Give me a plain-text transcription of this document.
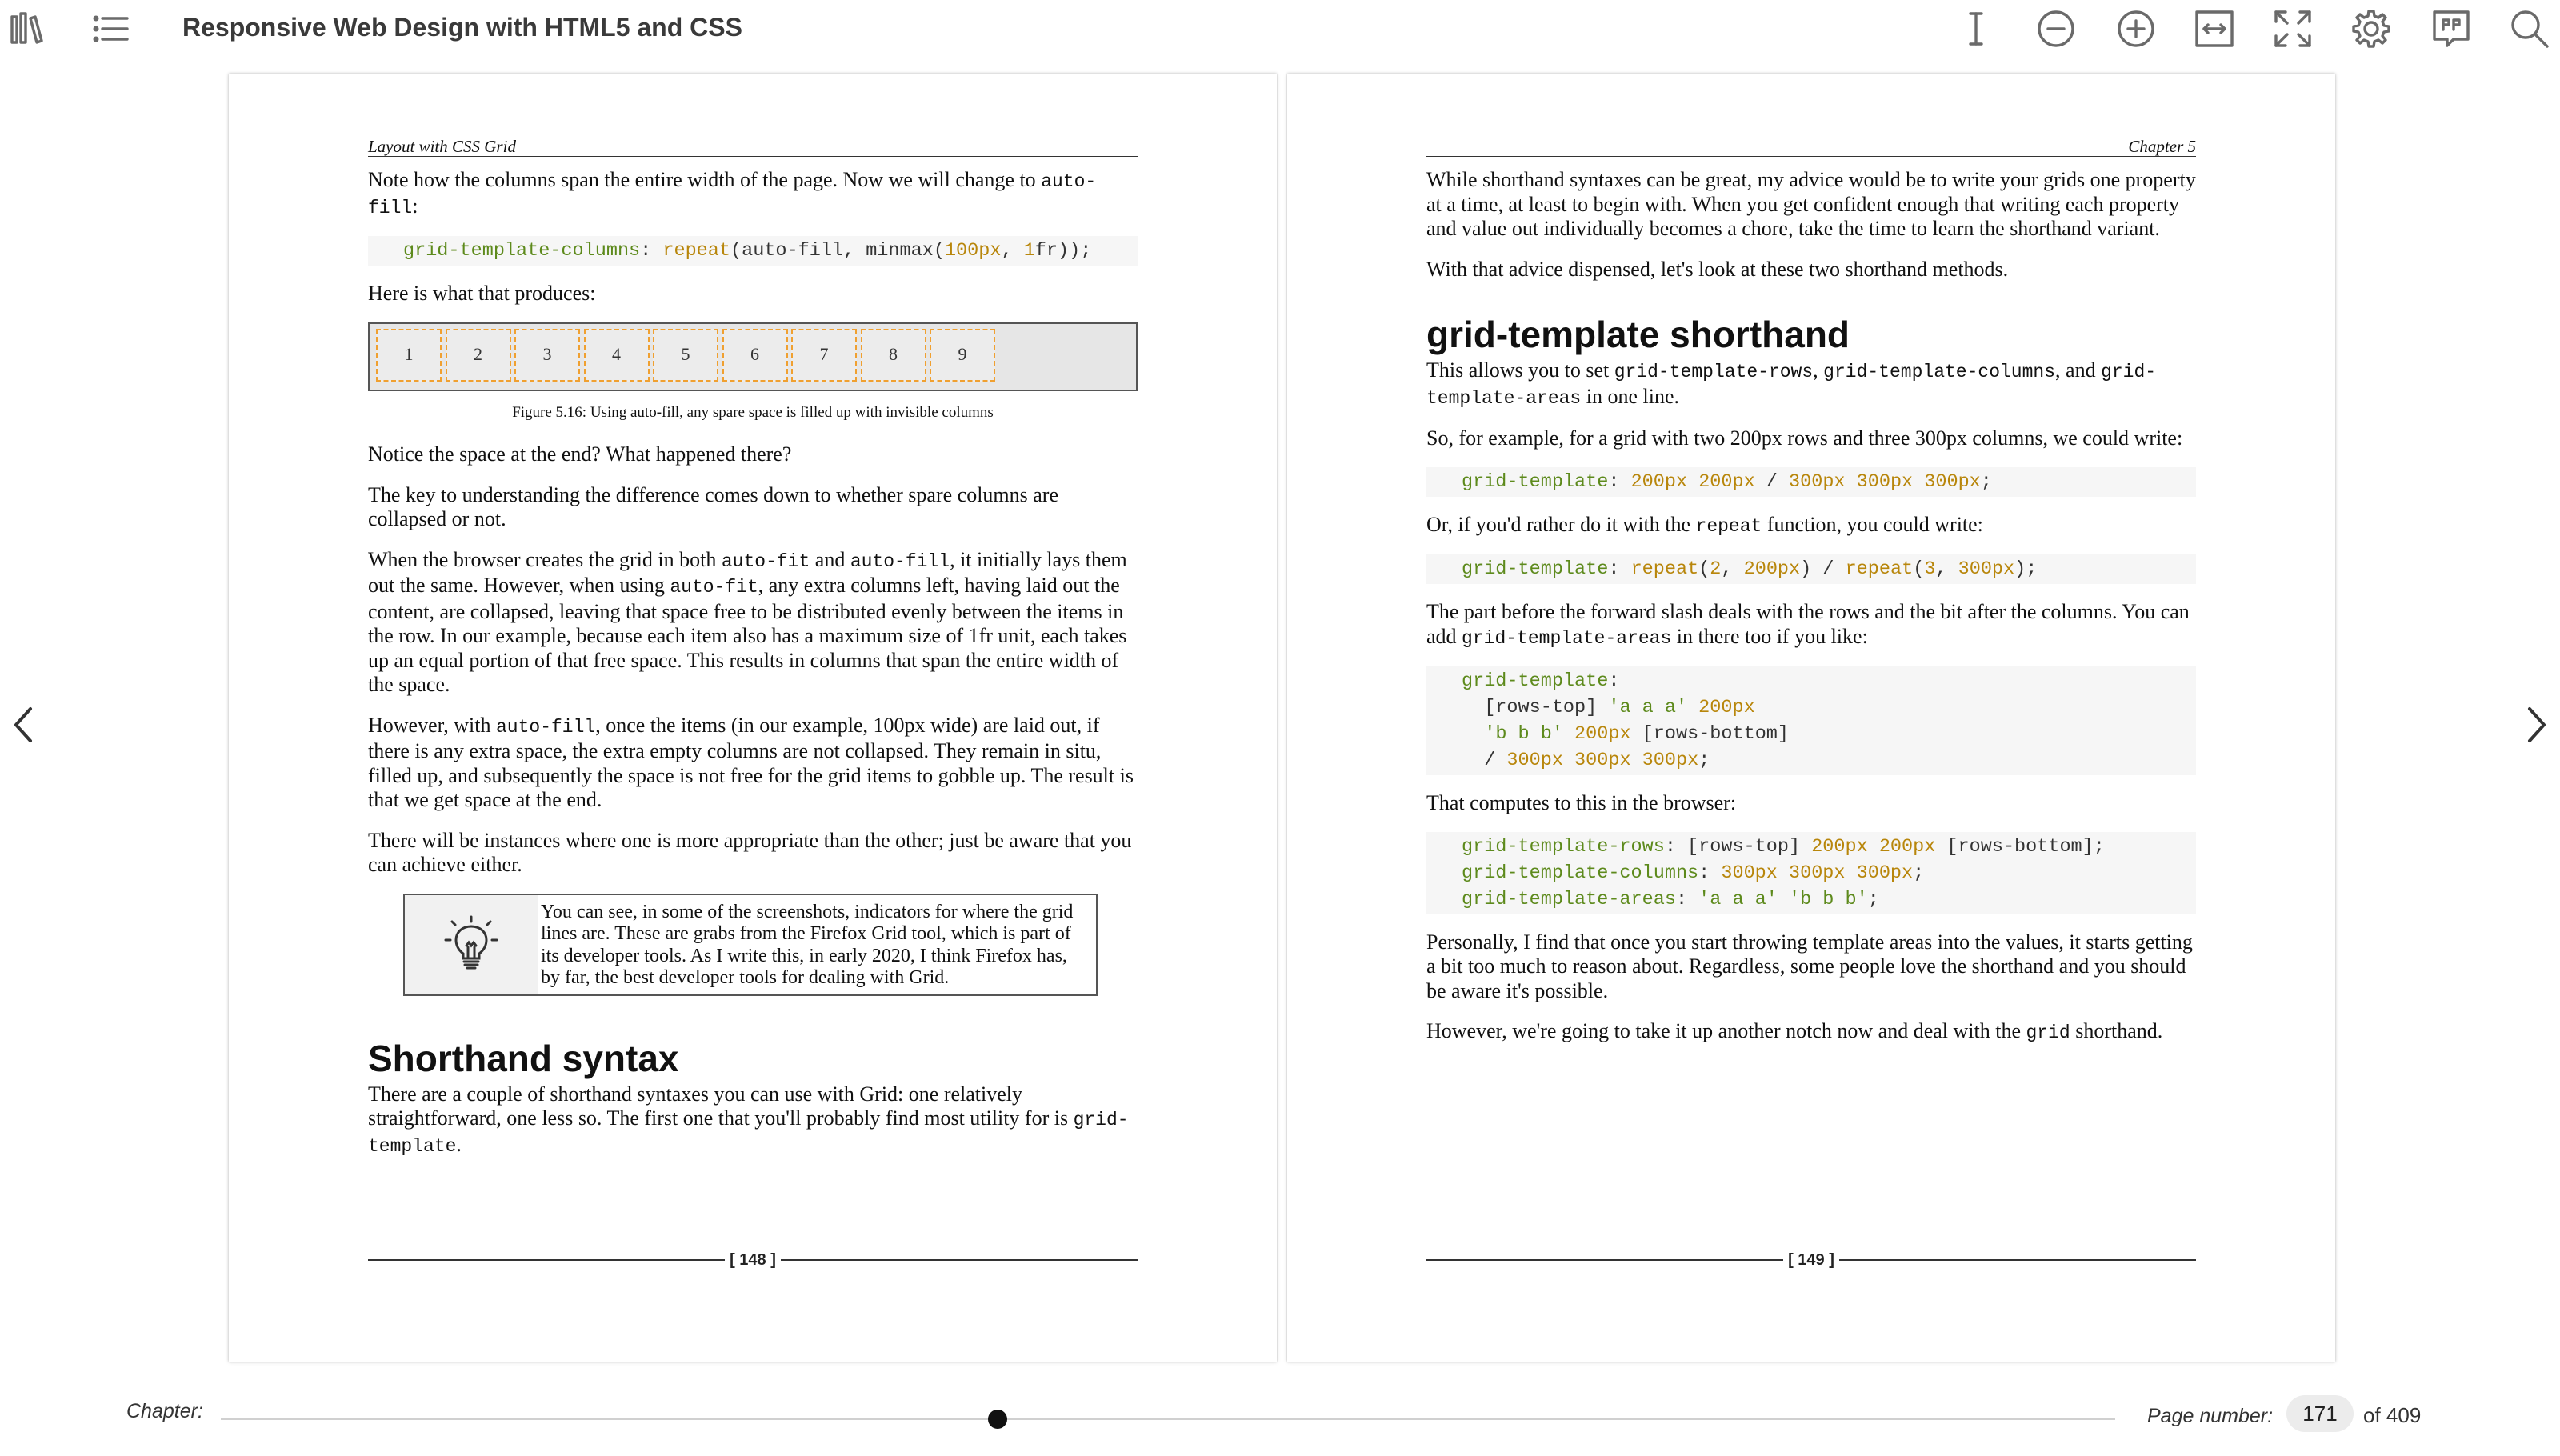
Responsive Web Design with HTML5 and CSS
Layout with CSS Grid

Note how the columns span the entire width of the page. Now we will change to auto-fill:

grid-template-columns: repeat(auto-fill, minmax(100px, 1fr));

Here is what that produces:

1	2	3	4	5	6	7	8	9
Figure 5.16: Using auto-fill, any spare space is filled up with invisible columns

Notice the space at the end? What happened there?

The key to understanding the difference comes down to whether spare columns are collapsed or not.

When the browser creates the grid in both auto-fit and auto-fill, it initially lays them out the same. However, when using auto-fit, any extra columns left, having laid out the content, are collapsed, leaving that space free to be distributed evenly between the items in the row. In our example, because each item also has a maximum size of 1fr unit, each takes up an equal portion of that free space. This results in columns that span the entire width of the space.

However, with auto-fill, once the items (in our example, 100px wide) are laid out, if there is any extra space, the extra empty columns are not collapsed. They remain in situ, filled up, and subsequently the space is not free for the grid items to gobble up. The result is that we get space at the end.

There will be instances where one is more appropriate than the other; just be aware that you can achieve either.

You can see, in some of the screenshots, indicators for where the grid lines are. These are grabs from the Firefox Grid tool, which is part of its developer tools. As I write this, in early 2020, I think Firefox has, by far, the best developer tools for dealing with Grid.
Shorthand syntax

There are a couple of shorthand syntaxes you can use with Grid: one relatively straightforward, one less so. The first one that you'll probably find most utility for is grid-template.

[ 148 ]
Chapter 5

While shorthand syntaxes can be great, my advice would be to write your grids one property at a time, at least to begin with. When you get confident enough that writing each property and value out individually becomes a chore, take the time to learn the shorthand variant.

With that advice dispensed, let's look at these two shorthand methods.

grid-template shorthand

This allows you to set grid-template-rows, grid-template-columns, and grid-template-areas in one line.

So, for example, for a grid with two 200px rows and three 300px columns, we could write:

grid-template: 200px 200px / 300px 300px 300px;

Or, if you'd rather do it with the repeat function, you could write:

grid-template: repeat(2, 200px) / repeat(3, 300px);

The part before the forward slash deals with the rows and the bit after the columns. You can add grid-template-areas in there too if you like:

grid-template:
[rows-top] 'a a a' 200px
'b b b' 200px [rows-bottom]
/ 300px 300px 300px;

That computes to this in the browser:

grid-template-rows: [rows-top] 200px 200px [rows-bottom];
grid-template-columns: 300px 300px 300px;
grid-template-areas: 'a a a' 'b b b';

Personally, I find that once you start throwing template areas into the values, it starts getting a bit too much to reason about. Regardless, some people love the shorthand and you should be aware it's possible.

However, we're going to take it up another notch now and deal with the grid shorthand.

[ 149 ]
Chapter:	Page number:
171	of 409
